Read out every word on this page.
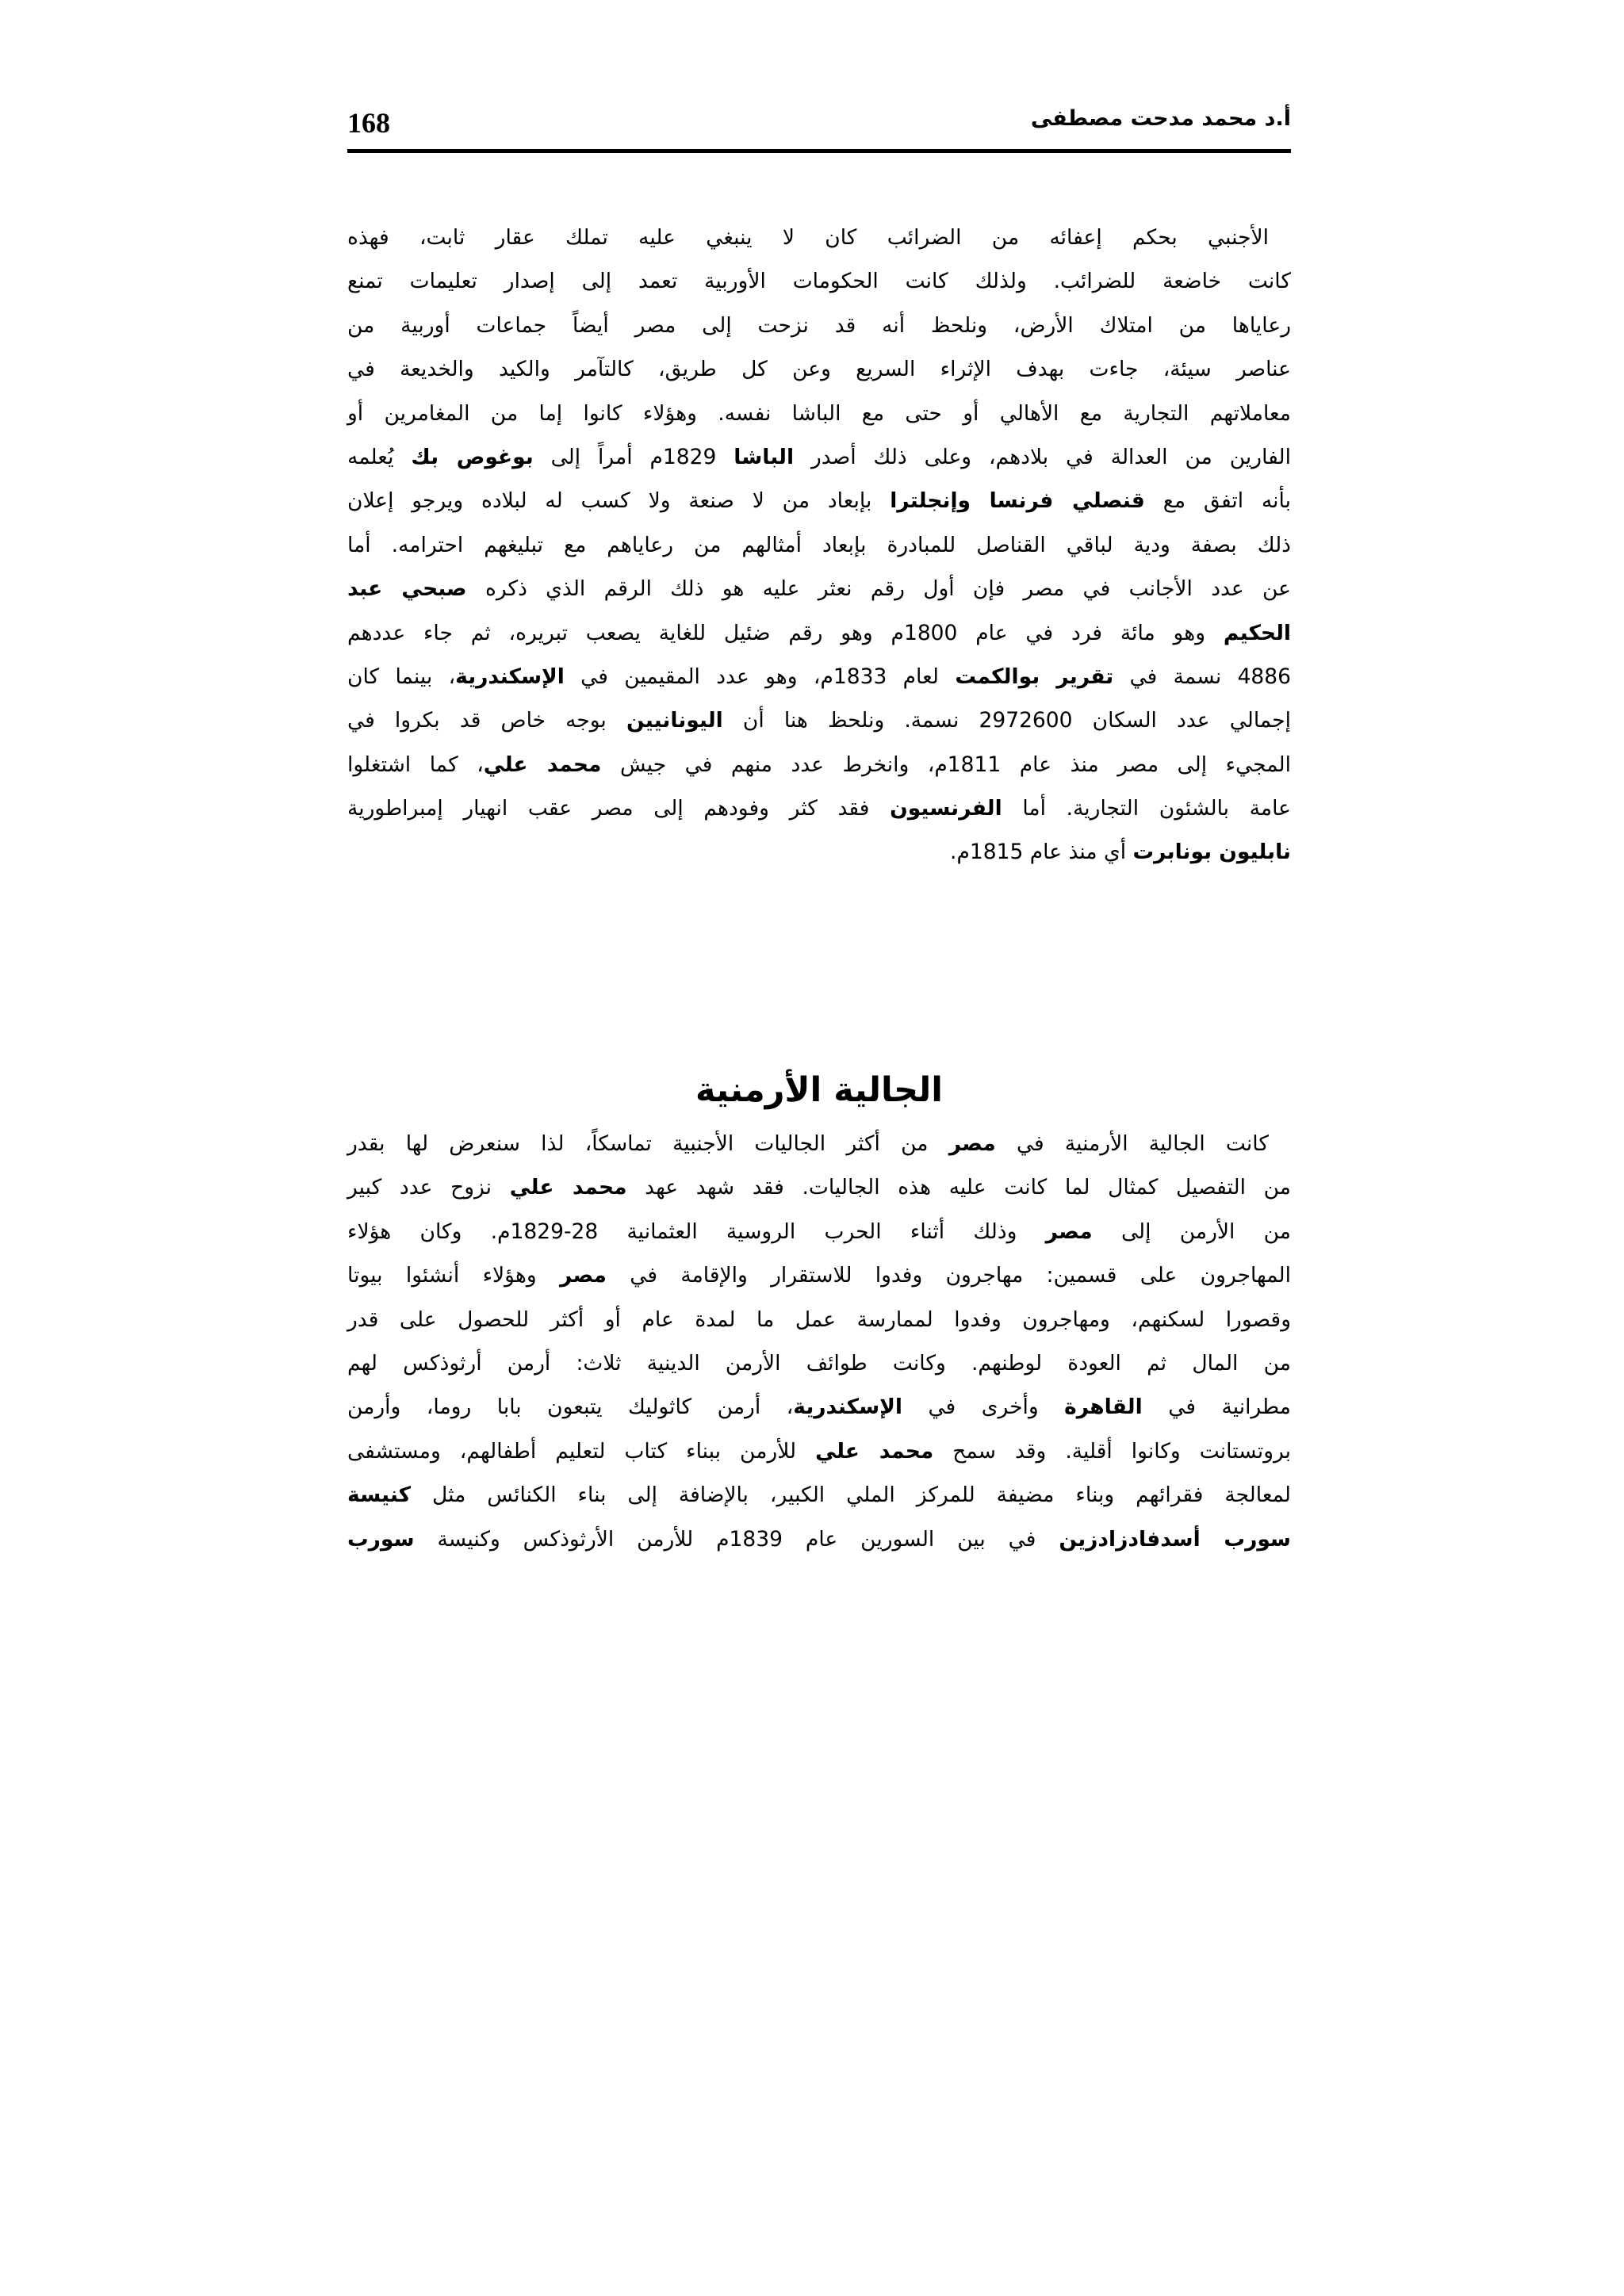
168	أ.د محمد مدحت مصطفى
الأجنبي بحكم إعفائه من الضرائب كان لا ينبغي عليه تملك عقار ثابت، فهذه
كانت خاضعة للضرائب. ولذلك كانت الحكومات الأوربية تعمد إلى إصدار تعليمات تمنع
رعاياها من امتلاك الأرض، ونلحظ أنه قد نزحت إلى مصر أيضاً جماعات أوربية من
عناصر سيئة، جاءت بهدف الإثراء السريع وعن كل طريق، كالتآمر والكيد والخديعة في
معاملاتهم التجارية مع الأهالي أو حتى مع الباشا نفسه. وهؤلاء كانوا إما من المغامرين أو
الفارين من العدالة في بلادهم، وعلى ذلك أصدر الباشا 1829م أمراً إلى بوغوص بك يُعلمه
بأنه اتفق مع قنصلي فرنسا وإنجلترا بإبعاد من لا صنعة ولا كسب له لبلاده ويرجو إعلان
ذلك بصفة ودية لباقي القناصل للمبادرة بإبعاد أمثالهم من رعاياهم مع تبليغهم احترامه. أما
عن عدد الأجانب في مصر فإن أول رقم نعثر عليه هو ذلك الرقم الذي ذكره صبحي عبد
الحكيم وهو مائة فرد في عام 1800م وهو رقم ضئيل للغاية يصعب تبريره، ثم جاء عددهم
4886 نسمة في تقرير بوالكمت لعام 1833م، وهو عدد المقيمين في الإسكندرية، بينما كان
إجمالي عدد السكان 2972600 نسمة. ونلحظ هنا أن اليونانيين بوجه خاص قد بكروا في
المجيء إلى مصر منذ عام 1811م، وانخرط عدد منهم في جيش محمد علي، كما اشتغلوا
عامة بالشئون التجارية. أما الفرنسيون فقد كثر وفودهم إلى مصر عقب انهيار إمبراطورية
نابليون بونابرت أي منذ عام 1815م.
الجالية الأرمنية
كانت الجالية الأرمنية في مصر من أكثر الجاليات الأجنبية تماسكاً، لذا سنعرض لها بقدر
من التفصيل كمثال لما كانت عليه هذه الجاليات. فقد شهد عهد محمد علي نزوح عدد كبير
من الأرمن إلى مصر وذلك أثناء الحرب الروسية العثمانية 28-1829م. وكان هؤلاء
المهاجرون على قسمين: مهاجرون وفدوا للاستقرار والإقامة في مصر وهؤلاء أنشئوا بيوتا
وقصورا لسكنهم، ومهاجرون وفدوا لممارسة عمل ما لمدة عام أو أكثر للحصول على قدر
من المال ثم العودة لوطنهم. وكانت طوائف الأرمن الدينية ثلاث: أرمن أرثوذكس لهم
مطرانية في القاهرة وأخرى في الإسكندرية، أرمن كاثوليك يتبعون بابا روما، وأرمن
بروتستانت وكانوا أقلية. وقد سمح محمد علي للأرمن ببناء كتاب لتعليم أطفالهم، ومستشفى
لمعالجة فقرائهم وبناء مضيفة للمركز الملي الكبير، بالإضافة إلى بناء الكنائس مثل كنيسة
سورب أسدفادزادزين في بين السورين عام 1839م للأرمن الأرثوذكس وكنيسة سورب
